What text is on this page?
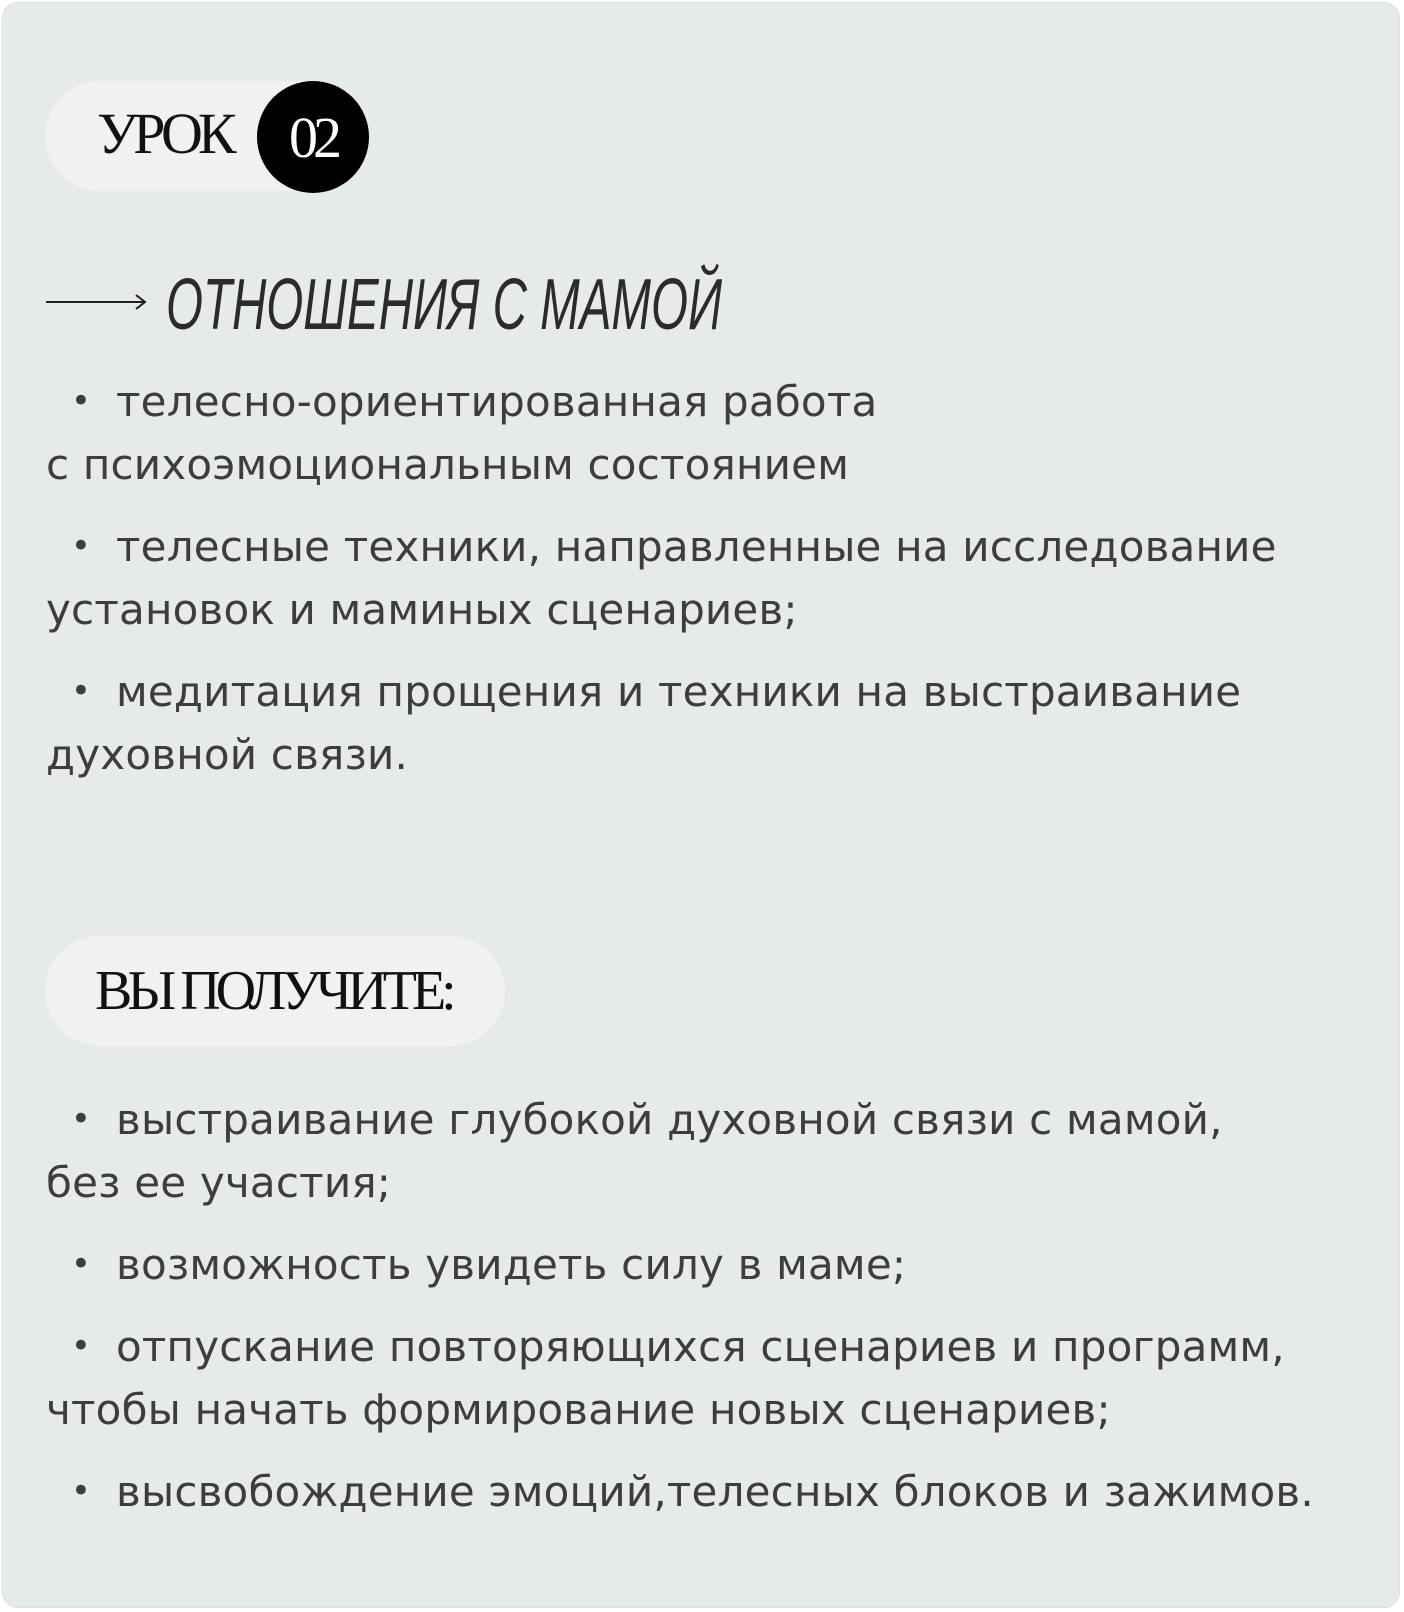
УРОК 02
ОТНОШЕНИЯ С МАМОЙ
• телесно-ориентированная работа
с психоэмоциональным состоянием
• телесные техники, направленные на исследование
установок и маминых сценариев;
• медитация прощения и техники на выстраивание
духовной связи.
ВЫ ПОЛУЧИТЕ:
• выстраивание глубокой духовной связи с мамой,
без ее участия;
• возможность увидеть силу в маме;
• отпускание повторяющихся сценариев и программ,
чтобы начать формирование новых сценариев;
• высвобождение эмоций,телесных блоков и зажимов.
